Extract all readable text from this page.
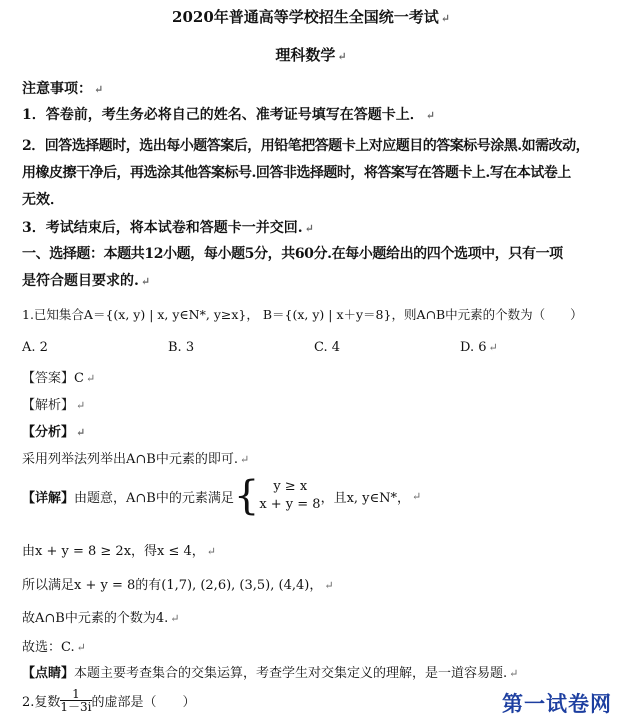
2020年普通高等学校招生全国统一考试 ↵
理科数学 ↵
注意事项： ↵
1．答卷前，考生务必将自己的姓名、准考证号填写在答题卡上． ↵
2．回答选择题时，选出每小题答案后，用铅笔把答题卡上对应题目的答案标号涂黑.如需改动，
用橡皮擦干净后，再选涂其他答案标号.回答非选择题时，将答案写在答题卡上.写在本试卷上
无效．
3．考试结束后，将本试卷和答题卡一并交回. ↵
一、选择题：本题共12小题，每小题5分，共60分.在每小题给出的四个选项中，只有一项
是符合题目要求的. ↵
1.已知集合A＝{(x, y) | x, y∈N*, y≥x}， B＝{(x, y) | x＋y＝8}，则A∩B中元素的个数为（　　）
A. 2	B. 3	C. 4	D. 6 ↵
【答案】C ↵
【解析】 ↵
【分析】 ↵
采用列举法列举出A∩B中元素的即可. ↵
【详解】 由题意，A∩B中的元素满足 {	y ≥ x
x + y = 8 ，且x, y∈N*， ↵
由x + y = 8 ≥ 2x，得x ≤ 4， ↵
所以满足x + y = 8的有(1,7), (2,6), (3,5), (4,4)， ↵
故A∩B中元素的个数为4. ↵
故选：C. ↵
【点睛】本题主要考查集合的交集运算，考查学生对交集定义的理解，是一道容易题. ↵
2.复数 $\frac{1}{1-3i}$ 的虚部是（　　）	第一试卷网
